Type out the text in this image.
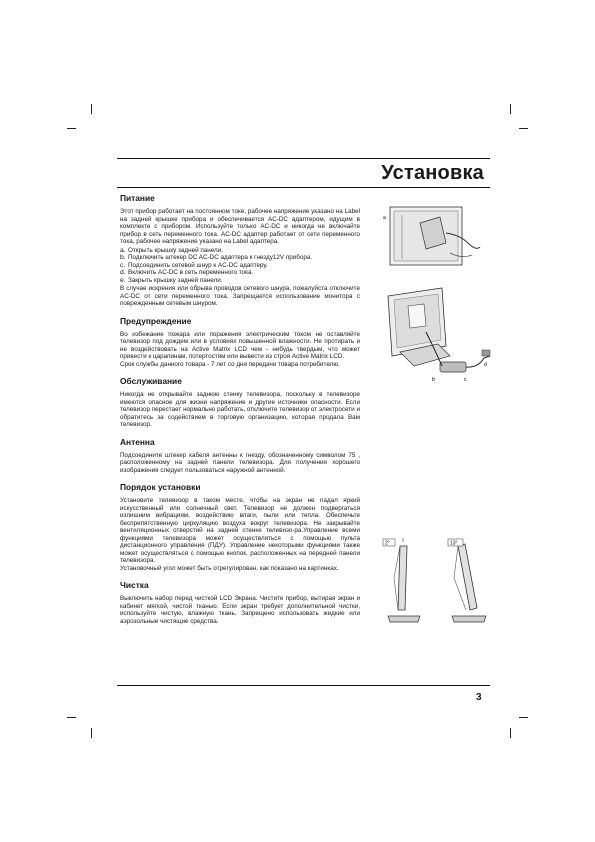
Установка
Питание

Этот прибор работает на постоянном токе, рабочее напряжение указано на Label на задней крышке прибора и обеспечивается AC-DC адаптером, идущим в комплекте с прибором. Используйте только AC-DC и никогда не включайте прибор в сеть переменного тока. AC-DC адаптер работает от сети переменного тока, рабочее напряжение указано на Label адаптера.

a. Открыть крышку задней панели.
b. Подключить штекер DC AC-DC адаптера к гнезду12V прибора.
c. Подсоединить сетевой шнур к AC-DC адаптеру.
d. Включить AC-DC в сеть переменного тока.
e. Закрыть крышку задней панели.

В случае искрения или обрыва проводов сетевого шнура, пожалуйста отключите AC-DC от сети переменного тока. Запрещается использование монитора с поврежденным сетевым шнуром.

Предупреждение

Во избежание пожара или поражения электрическим током не оставляйте телевизор под дождем или в условиях повышенной влажности. Не протирать и не воздействовать на Active Matrix LCD чем - нибудь твердым, что может привести к царапинам, потертостям или вывести из строя Active Matrix LCD.

Срок службы данного товара - 7 лет со дня передачи товара потребителю.

Обслуживание

Никогда не открывайте заднюю стенку телевизора, поскольку в телевизоре имеются опасное для жизни напряжение и другие источники опасности. Если телевизор перестает нормально работать, отключите телевизор от электросети и обратитесь за содействием в торговую организацию, которая продала Вам телевизор.

Антенна

Подсоедините штекер кабеля антенны к гнезду, обозначенному символом 75 , расположенному на задней панели телевизора. Для получения хорошего изображения следует пользоваться наружной антенной.

Порядок установки

Установите телевизор в таком месте, чтобы на экран не падал яркий искусственный или солнечный свет. Телевизор не должен подвергаться излишним вибрациям, воздействию влаги, пыли или тепла. Обеспечьте беспрепятственную циркуляцию воздуха вокруг телевизора. Не закрывайте вентиляционных отверстий на задней стенке телевизо-ра.Управление всеми функциями телевизора может осуществляться с помощью пульта дистанционного управления (ПДУ). Управление некоторыми функциями также может осуществляться с помощью кнопок, расположенных на передней панели телевизора.

Установочный угол может быть отрегулирован, как показано на картинках.

Чистка

Выключить набор перед чисткой LCD Экрана. Чистите прибор, вытирая экран и кабинет мягкой, чистой тканью. Если экран требует дополнительной чистки, используйте чистую, влажную ткань. Запрещено использовать жидкие или аэрозольные чистящие средства.

a
b	c
d
2°	13°
3
